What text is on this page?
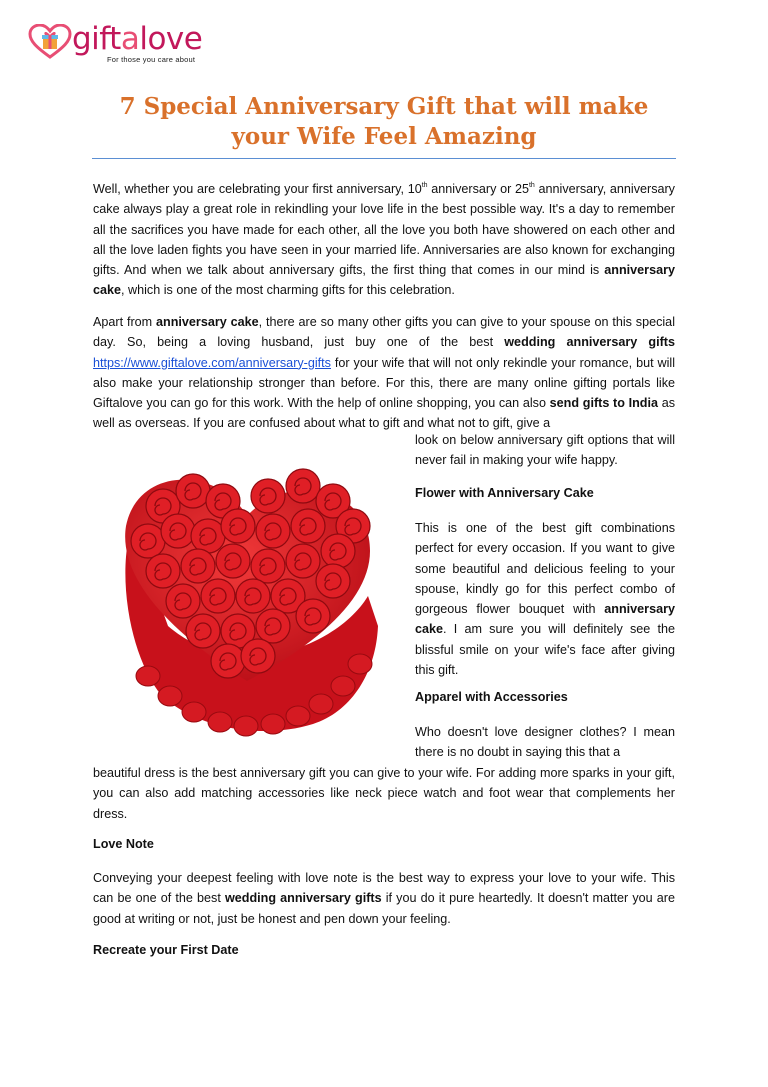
giftalove
For those you care about
7 Special Anniversary Gift that will make your Wife Feel Amazing

Well, whether you are celebrating your first anniversary, 10th anniversary or 25th anniversary, anniversary cake always play a great role in rekindling your love life in the best possible way. It's a day to remember all the sacrifices you have made for each other, all the love you both have showered on each other and all the love laden fights you have seen in your married life. Anniversaries are also known for exchanging gifts. And when we talk about anniversary gifts, the first thing that comes in our mind is anniversary cake, which is one of the most charming gifts for this celebration.

Apart from anniversary cake, there are so many other gifts you can give to your spouse on this special day. So, being a loving husband, just buy one of the best wedding anniversary gifts https://www.giftalove.com/anniversary-gifts for your wife that will not only rekindle your romance, but will also make your relationship stronger than before. For this, there are many online gifting portals like Giftalove you can go for this work. With the help of online shopping, you can also send gifts to India as well as overseas. If you are confused about what to gift and what not to gift, give a

look on below anniversary gift options that will never fail in making your wife happy.

Flower with Anniversary Cake

This is one of the best gift combinations perfect for every occasion. If you want to give some beautiful and delicious feeling to your spouse, kindly go for this perfect combo of gorgeous flower bouquet with anniversary cake. I am sure you will definitely see the blissful smile on your wife's face after giving this gift.

Apparel with Accessories

Who doesn't love designer clothes? I mean there is no doubt in saying this that a

beautiful dress is the best anniversary gift you can give to your wife. For adding more sparks in your gift, you can also add matching accessories like neck piece watch and foot wear that complements her dress.

Love Note

Conveying your deepest feeling with love note is the best way to express your love to your wife. This can be one of the best wedding anniversary gifts if you do it pure heartedly. It doesn't matter you are good at writing or not, just be honest and pen down your feeling.

Recreate your First Date
